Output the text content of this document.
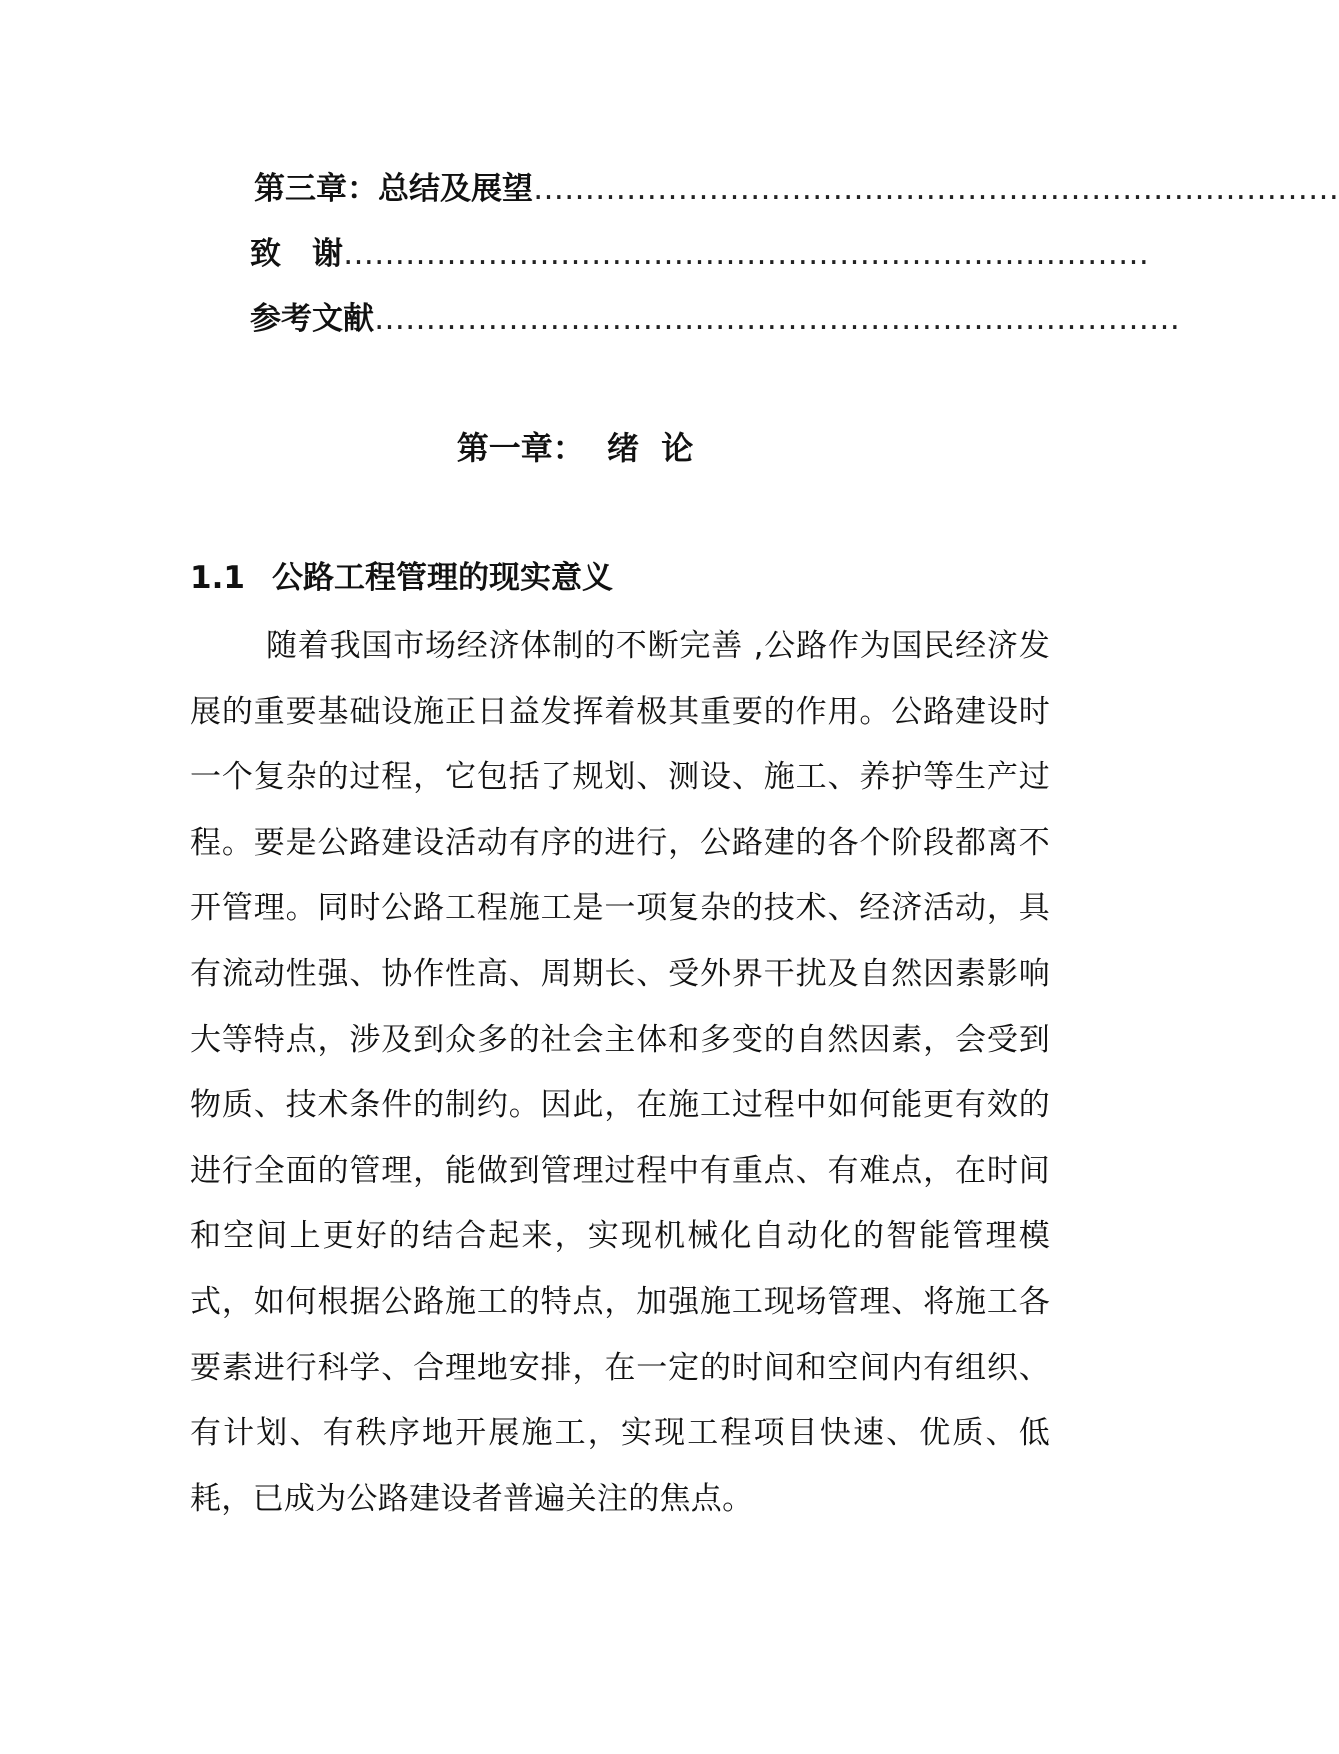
第三章：总结及展望……………………………………………………………………
致　谢……………………………………………………………………
参考文献……………………………………………………………………
第一章：  绪  论
1.1 公路工程管理的现实意义

随着我国市场经济体制的不断完善 ,公路作为国民经济发展的重要基础设施正日益发挥着极其重要的作用。公路建设时一个复杂的过程，它包括了规划、测设、施工、养护等生产过程。要是公路建设活动有序的进行，公路建的各个阶段都离不开管理。同时公路工程施工是一项复杂的技术、经济活动，具有流动性强、协作性高、周期长、受外界干扰及自然因素影响大等特点，涉及到众多的社会主体和多变的自然因素，会受到物质、技术条件的制约。因此，在施工过程中如何能更有效的进行全面的管理，能做到管理过程中有重点、有难点，在时间和空间上更好的结合起来，实现机械化自动化的智能管理模式，如何根据公路施工的特点，加强施工现场管理、将施工各要素进行科学、合理地安排，在一定的时间和空间内有组织、有计划、有秩序地开展施工，实现工程项目快速、优质、低耗，已成为公路建设者普遍关注的焦点。
